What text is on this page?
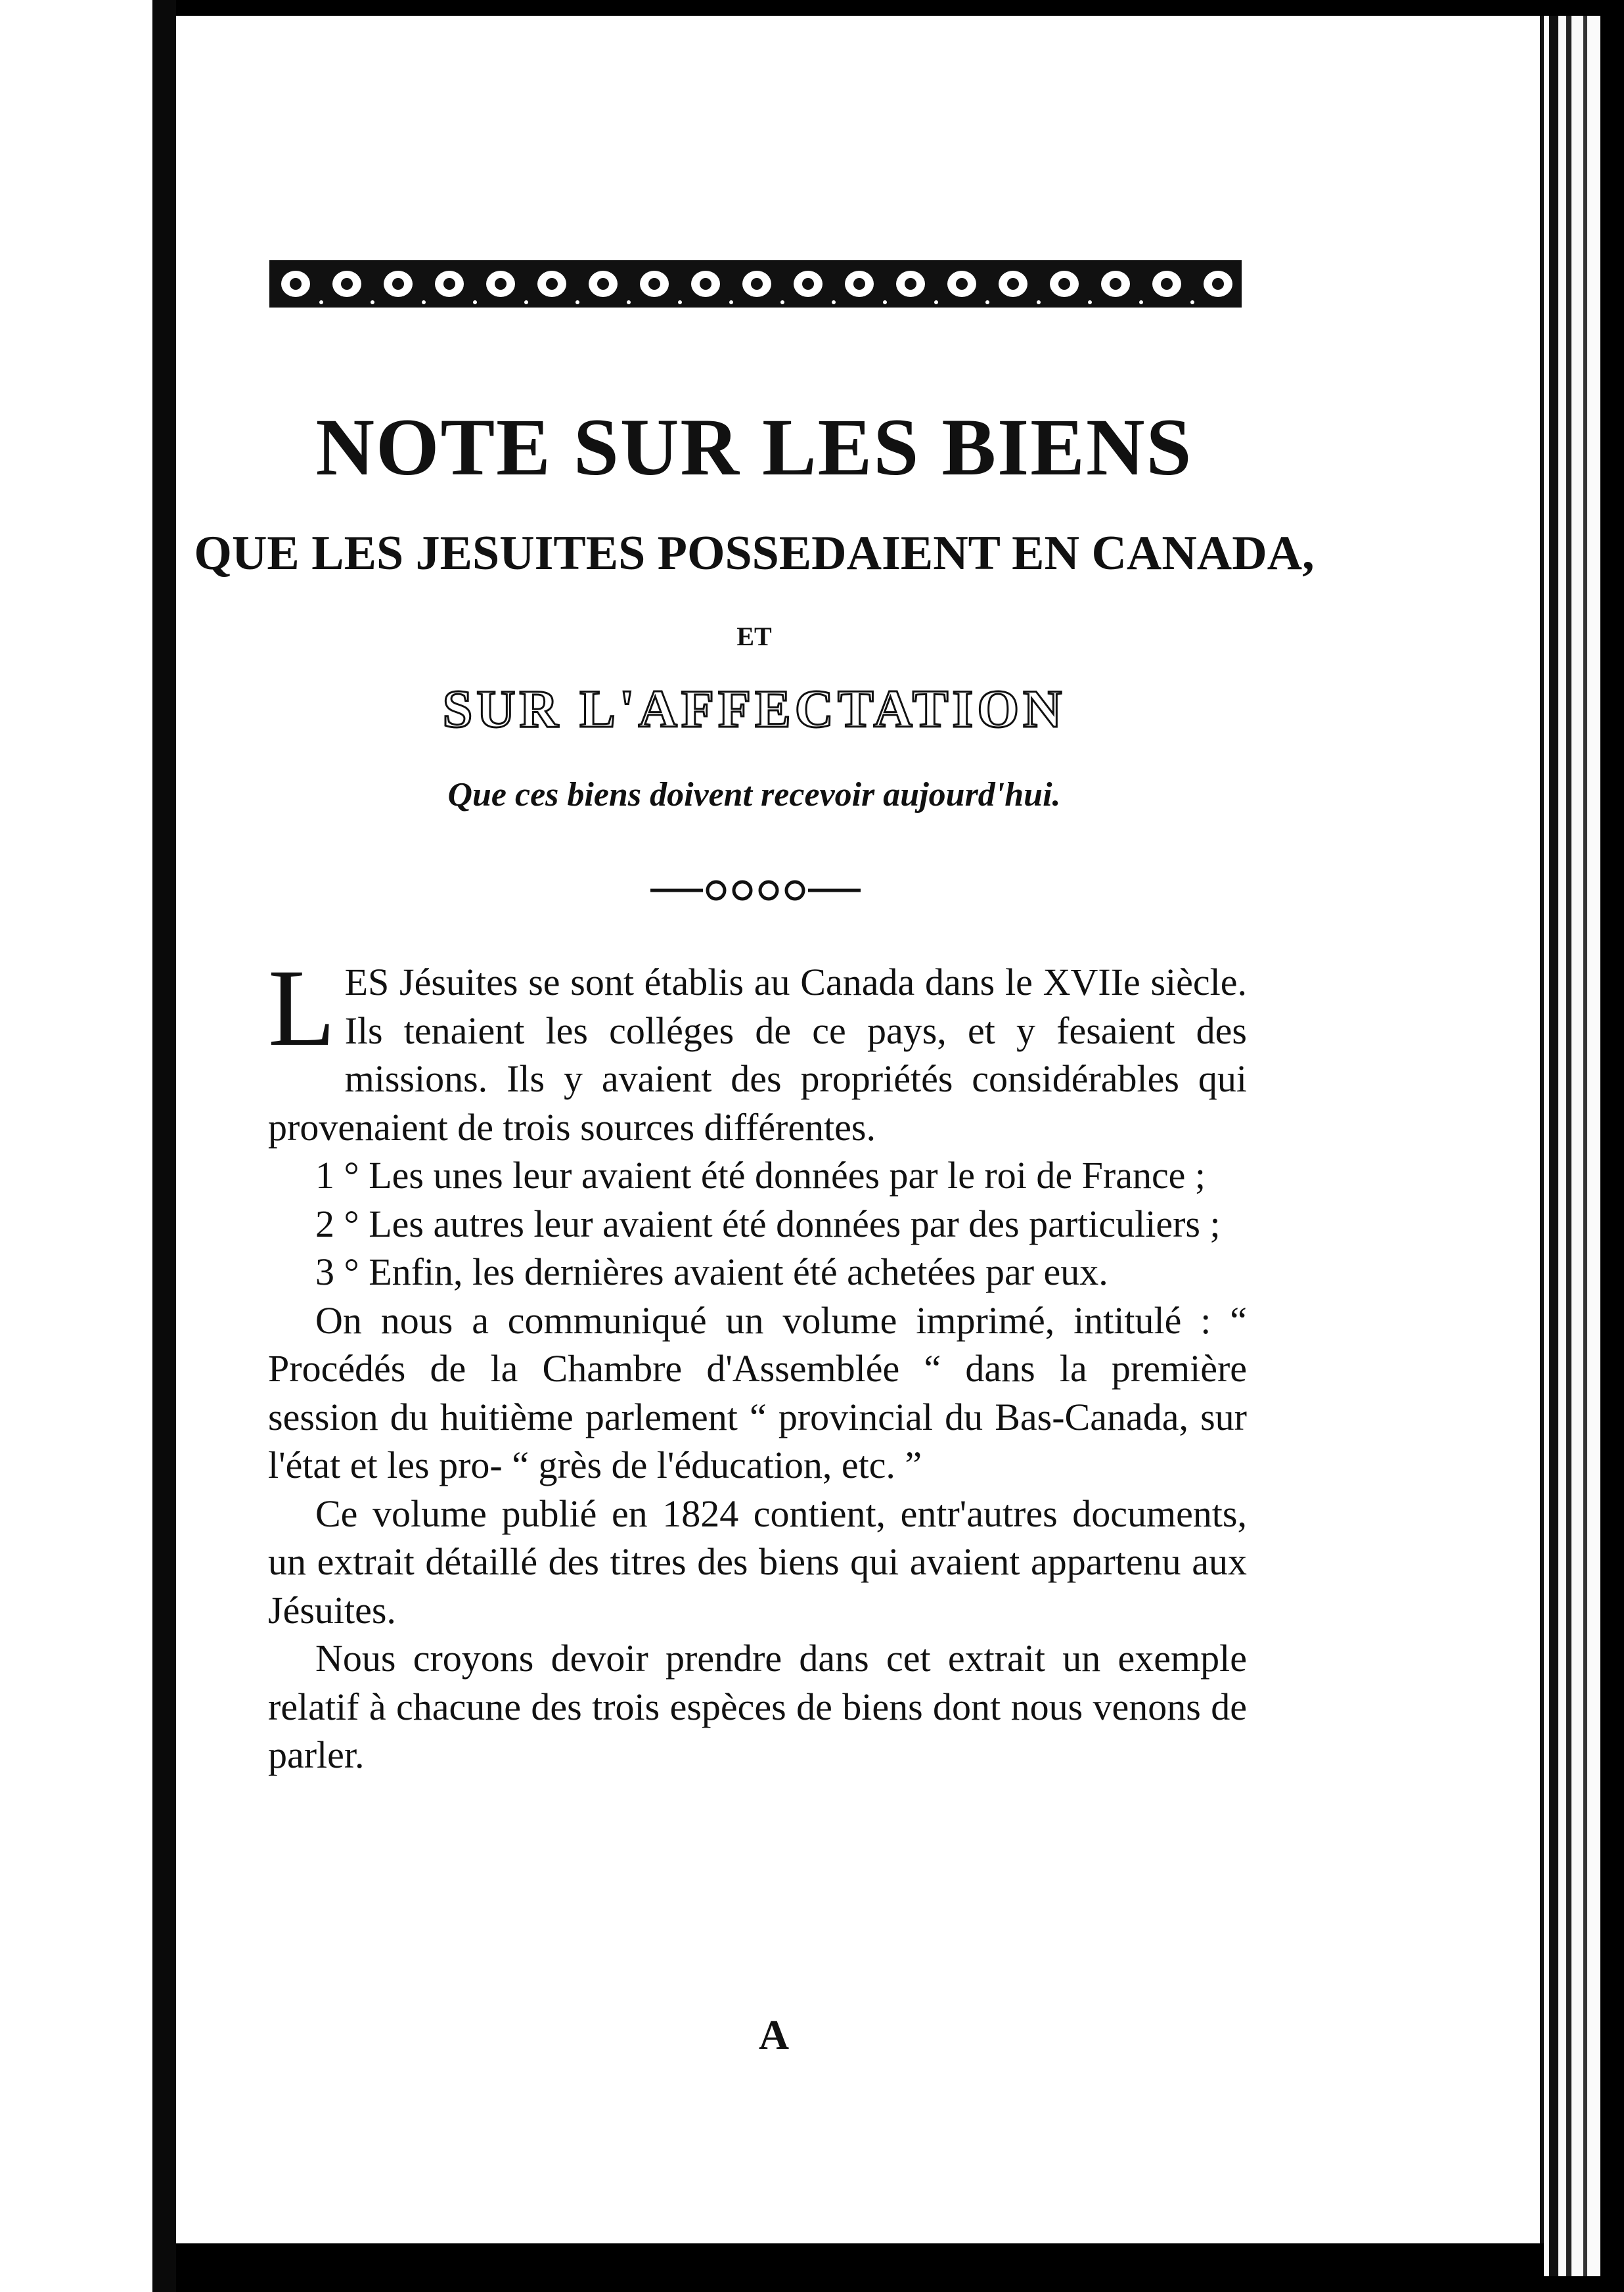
NOTE SUR LES BIENS
QUE LES JESUITES POSSEDAIENT EN CANADA,
ET
SUR L'AFFECTATION
Que ces biens doivent recevoir aujourd'hui.

LES Jésuites se sont établis au Canada dans le XVIIe siècle. Ils tenaient les colléges de ce pays, et y fesaient des missions. Ils y avaient des propriétés considérables qui provenaient de trois sources différentes.

1 ° Les unes leur avaient été données par le roi de France ;

2 ° Les autres leur avaient été données par des particuliers ;

3 ° Enfin, les dernières avaient été achetées par eux.

On nous a communiqué un volume imprimé, intitulé : “ Procédés de la Chambre d'Assemblée “ dans la première session du huitième parlement “ provincial du Bas-Canada, sur l'état et les pro- “ grès de l'éducation, etc. ”

Ce volume publié en 1824 contient, entr'autres documents, un extrait détaillé des titres des biens qui avaient appartenu aux Jésuites.

Nous croyons devoir prendre dans cet extrait un exemple relatif à chacune des trois espèces de biens dont nous venons de parler.

A
